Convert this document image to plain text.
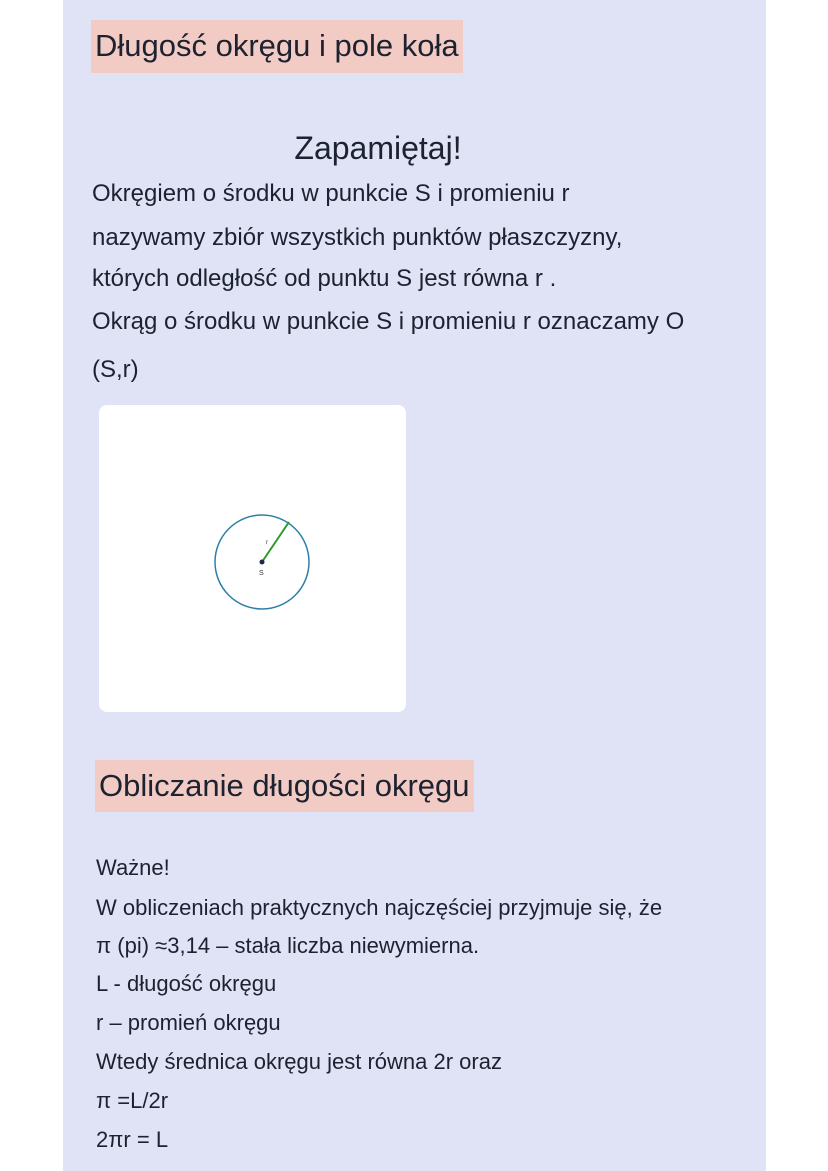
Długość okręgu i pole koła
Zapamiętaj!
Okręgiem o środku w punkcie S i promieniu r
nazywamy zbiór wszystkich punktów płaszczyzny,
których odległość od punktu S jest równa r .
Okrąg o środku w punkcie S i promieniu r oznaczamy O
(S,r)
S
r
Obliczanie długości okręgu
Ważne!
W obliczeniach praktycznych najczęściej przyjmuje się, że
π (pi) ≈3,14 – stała liczba niewymierna.
L - długość okręgu
r – promień okręgu
Wtedy średnica okręgu jest równa 2r oraz
π =L/2r
2πr = L
